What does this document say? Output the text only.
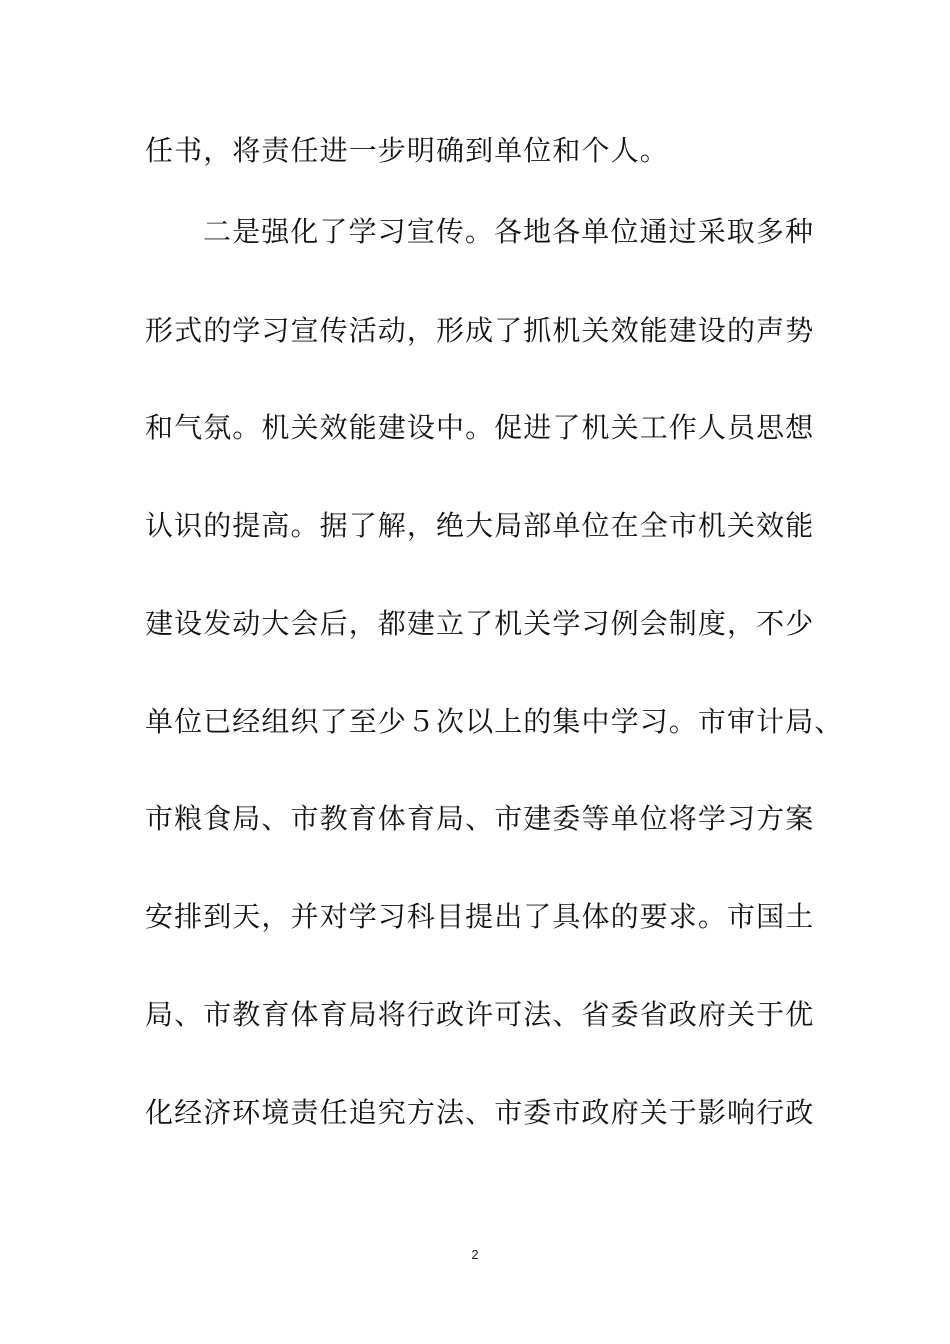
任书，将责任进一步明确到单位和个人。
二是强化了学习宣传。各地各单位通过采取多种
形式的学习宣传活动，形成了抓机关效能建设的声势
和气氛。机关效能建设中。促进了机关工作人员思想
认识的提高。据了解，绝大局部单位在全市机关效能
建设发动大会后，都建立了机关学习例会制度，不少
单位已经组织了至少５次以上的集中学习。市审计局、
市粮食局、市教育体育局、市建委等单位将学习方案
安排到天，并对学习科目提出了具体的要求。市国土
局、市教育体育局将行政许可法、省委省政府关于优
化经济环境责任追究方法、市委市政府关于影响行政
2
